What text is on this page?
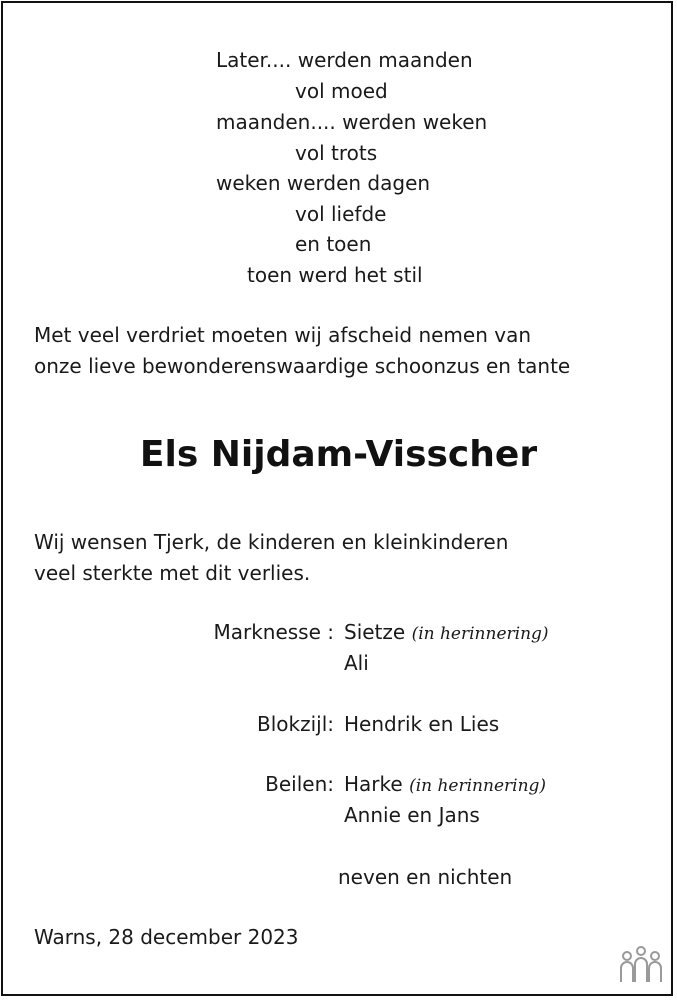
Later.... werden maanden
vol moed
maanden.... werden weken
vol trots
weken werden dagen
vol liefde
en toen
toen werd het stil
Met veel verdriet moeten wij afscheid nemen van
onze lieve bewonderenswaardige schoonzus en tante
Els Nijdam-Visscher
Wij wensen Tjerk, de kinderen en kleinkinderen
veel sterkte met dit verlies.
Marknesse : Sietze (in herinnering)
Ali
Blokzijl: Hendrik en Lies
Beilen: Harke (in herinnering)
Annie en Jans
neven en nichten
Warns, 28 december 2023
